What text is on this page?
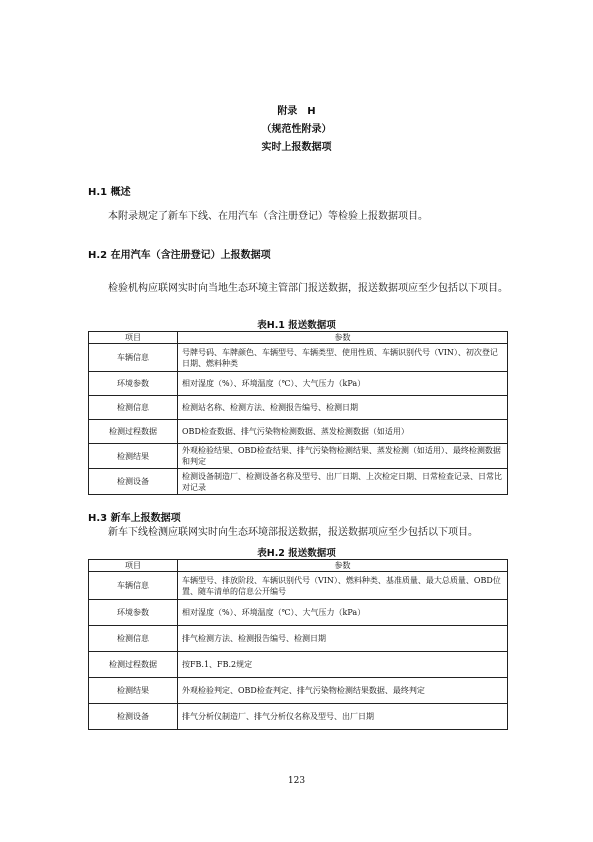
附录　H
（规范性附录）
实时上报数据项
H.1 概述
本附录规定了新车下线、在用汽车（含注册登记）等检验上报数据项目。
H.2 在用汽车（含注册登记）上报数据项
检验机构应联网实时向当地生态环境主管部门报送数据，报送数据项应至少包括以下项目。
表H.1 报送数据项
项目	参数
车辆信息	号牌号码、车牌颜色、车辆型号、车辆类型、使用性质、车辆识别代号（VIN）、初次登记日期、燃料种类
环境参数	相对湿度（%）、环境温度（℃）、大气压力（kPa）
检测信息	检测站名称、检测方法、检测报告编号、检测日期
检测过程数据	OBD检查数据、排气污染物检测数据、蒸发检测数据（如适用）
检测结果	外观检验结果、OBD检查结果、排气污染物检测结果、蒸发检测（如适用）、最终检测数据和判定
检测设备	检测设备制造厂、检测设备名称及型号、出厂日期、上次检定日期、日常检查记录、日常比对记录
H.3 新车上报数据项
新车下线检测应联网实时向生态环境部报送数据，报送数据项应至少包括以下项目。
表H.2 报送数据项
项目	参数
车辆信息	车辆型号、排放阶段、车辆识别代号（VIN）、燃料种类、基准质量、最大总质量、OBD位置、随车清单的信息公开编号
环境参数	相对湿度（%）、环境温度（℃）、大气压力（kPa）
检测信息	排气检测方法、检测报告编号、检测日期
检测过程数据	按FB.1、FB.2规定
检测结果	外观检验判定、OBD检查判定、排气污染物检测结果数据、最终判定
检测设备	排气分析仪制造厂、排气分析仪名称及型号、出厂日期
123
